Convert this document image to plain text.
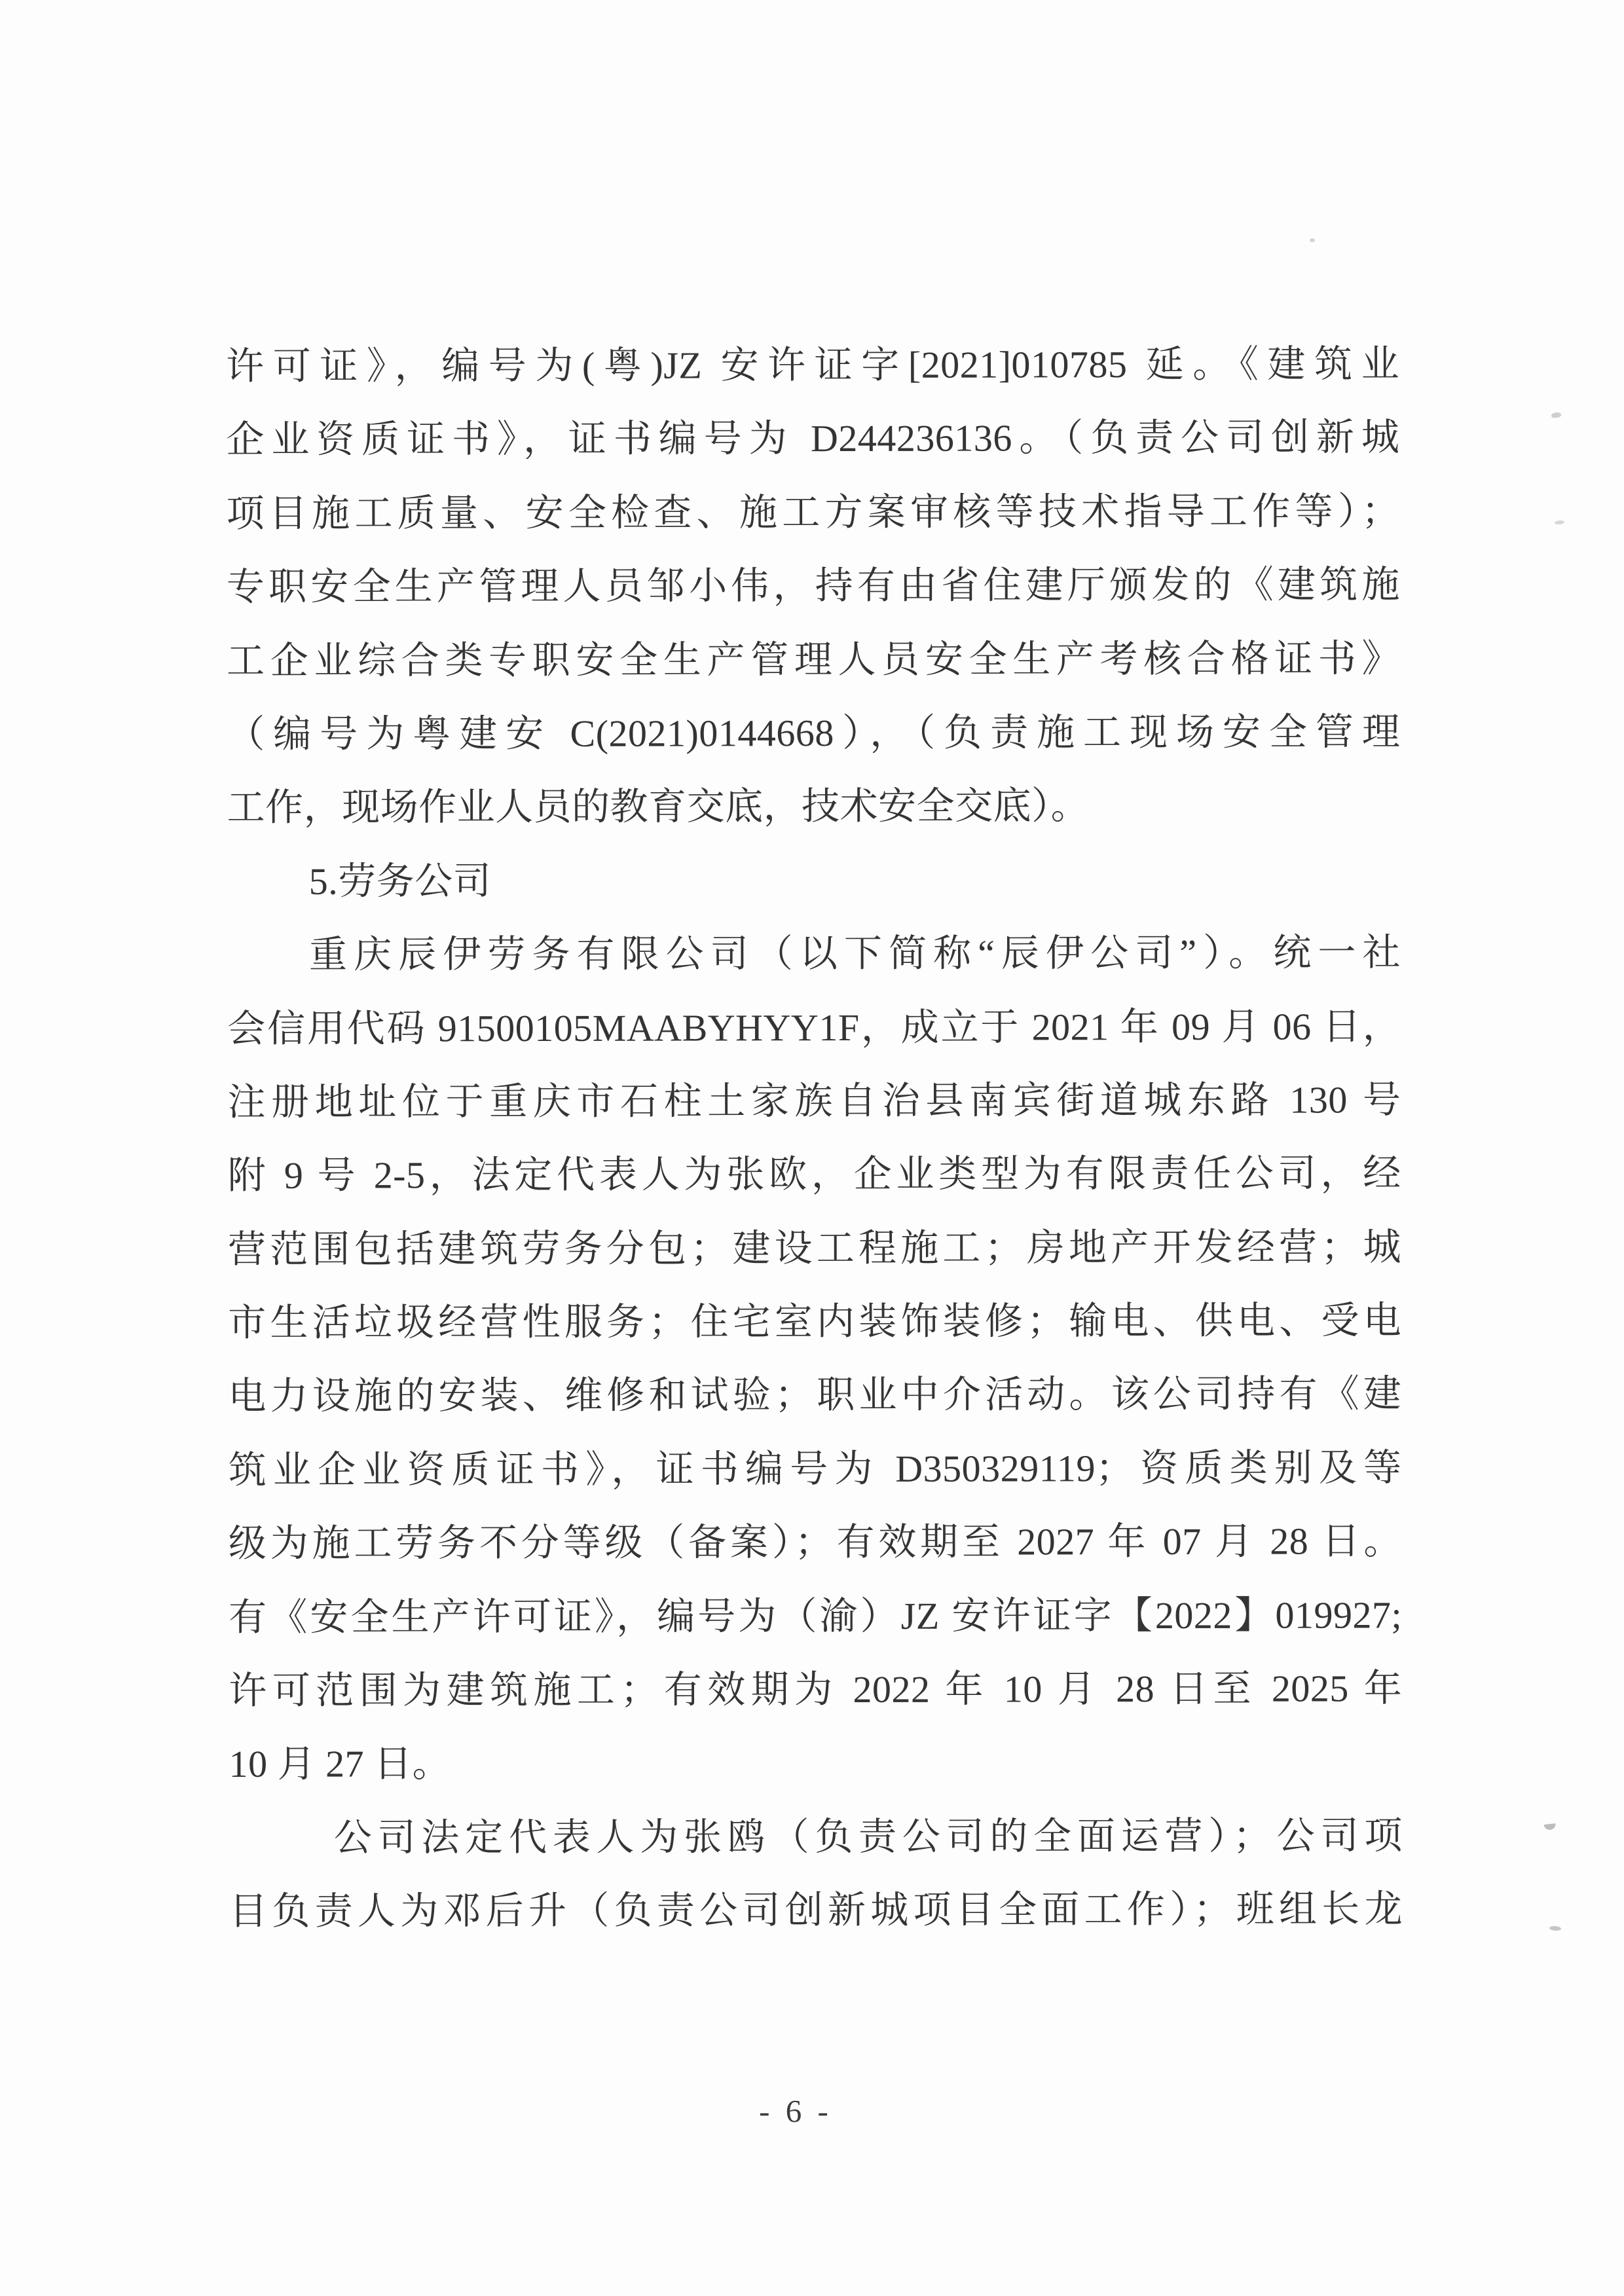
许可证》，编号为(粤)JZ 安许证字[2021]010785 延。《建筑业
企业资质证书》，证书编号为 D244236136。（负责公司创新城
项目施工质量、安全检查、施工方案审核等技术指导工作等）；
专职安全生产管理人员邹小伟，持有由省住建厅颁发的《建筑施
工企业综合类专职安全生产管理人员安全生产考核合格证书》
（编号为粤建安 C(2021)0144668），（负责施工现场安全管理
工作，现场作业人员的教育交底，技术安全交底）。
5.劳务公司
重庆辰伊劳务有限公司（以下简称“辰伊公司”）。统一社
会信用代码 91500105MAABYHYY1F，成立于 2021 年 09 月 06 日，
注册地址位于重庆市石柱土家族自治县南宾街道城东路 130 号
附 9 号 2-5，法定代表人为张欧，企业类型为有限责任公司，经
营范围包括建筑劳务分包；建设工程施工；房地产开发经营；城
市生活垃圾经营性服务；住宅室内装饰装修；输电、供电、受电
电力设施的安装、维修和试验；职业中介活动。该公司持有《建
筑业企业资质证书》，证书编号为 D350329119；资质类别及等
级为施工劳务不分等级（备案）；有效期至 2027 年 07 月 28 日。
有《安全生产许可证》，编号为（渝）JZ 安许证字【2022】019927;
许可范围为建筑施工；有效期为 2022 年 10 月 28 日至 2025 年
10 月 27 日。
公司法定代表人为张鸥（负责公司的全面运营）；公司项
目负责人为邓后升（负责公司创新城项目全面工作）；班组长龙
- 6 -
